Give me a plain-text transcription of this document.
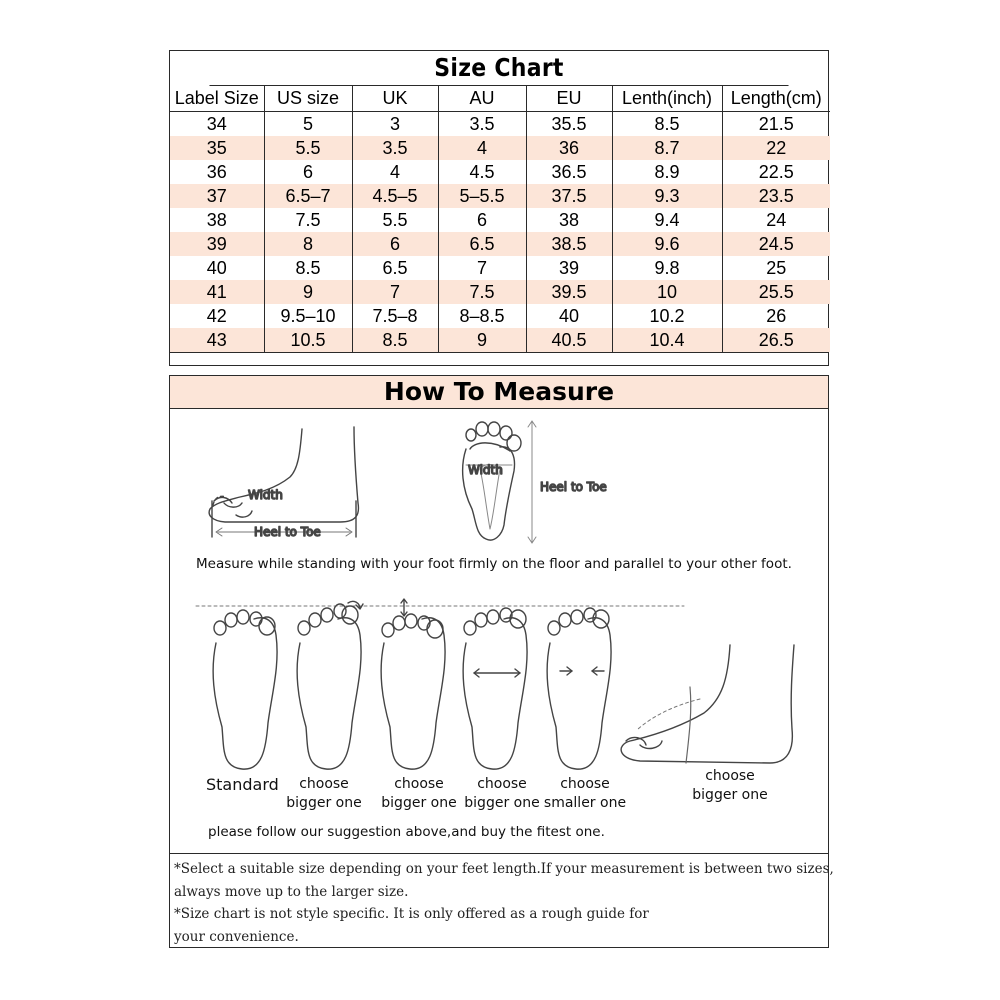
Size Chart
Label Size	US size	UK	AU	EU	Lenth(inch)	Length(cm)
34	5	3	3.5	35.5	8.5	21.5
35	5.5	3.5	4	36	8.7	22
36	6	4	4.5	36.5	8.9	22.5
37	6.5–7	4.5–5	5–5.5	37.5	9.3	23.5
38	7.5	5.5	6	38	9.4	24
39	8	6	6.5	38.5	9.6	24.5
40	8.5	6.5	7	39	9.8	25
41	9	7	7.5	39.5	10	25.5
42	9.5–10	7.5–8	8–8.5	40	10.2	26
43	10.5	8.5	9	40.5	10.4	26.5
How To Measure
Width
Heel to Toe
Width
Heel to Toe
Measure while standing with your foot firmly on the floor and parallel to your other foot.
Standard	choose
bigger one
choose
bigger one
choose
bigger one
choose
smaller one
choose
bigger one
please follow our suggestion above,and buy the fitest one.
*Select a suitable size depending on your feet length.If your measurement is between two sizes,
always move up to the larger size.
*Size chart is not style specific. It is only offered as a rough guide for
your convenience.
